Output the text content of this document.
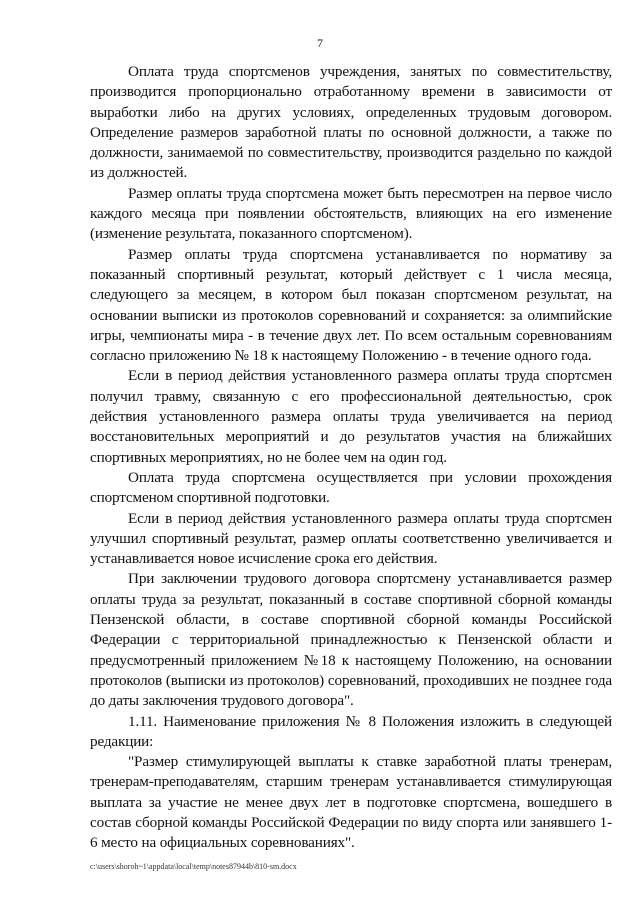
7

Оплата труда спортсменов учреждения, занятых по совместительству, производится пропорционально отработанному времени в зависимости от выработки либо на других условиях, определенных трудовым договором. Определение размеров заработной платы по основной должности, а также по должности, занимаемой по совместительству, производится раздельно по каждой из должностей.

Размер оплаты труда спортсмена может быть пересмотрен на первое число каждого месяца при появлении обстоятельств, влияющих на его изменение (изменение результата, показанного спортсменом).

Размер оплаты труда спортсмена устанавливается по нормативу за показанный спортивный результат, который действует с 1 числа месяца, следующего за месяцем, в котором был показан спортсменом результат, на основании выписки из протоколов соревнований и сохраняется: за олимпийские игры, чемпионаты мира - в течение двух лет. По всем остальным соревнованиям согласно приложению № 18 к настоящему Положению - в течение одного года.

Если в период действия установленного размера оплаты труда спортсмен получил травму, связанную с его профессиональной деятельностью, срок действия установленного размера оплаты труда увеличивается на период восстановительных мероприятий и до результатов участия на ближайших спортивных мероприятиях, но не более чем на один год.

Оплата труда спортсмена осуществляется при условии прохождения спортсменом спортивной подготовки.

Если в период действия установленного размера оплаты труда спортсмен улучшил спортивный результат, размер оплаты соответственно увеличивается и устанавливается новое исчисление срока его действия.

При заключении трудового договора спортсмену устанавливается размер оплаты труда за результат, показанный в составе спортивной сборной команды Пензенской области, в составе спортивной сборной команды Российской Федерации с территориальной принадлежностью к Пензенской области и предусмотренный приложением №18 к настоящему Положению, на основании протоколов (выписки из протоколов) соревнований, проходивших не позднее года до даты заключения трудового договора".

1.11. Наименование приложения № 8 Положения изложить в следующей редакции:

"Размер стимулирующей выплаты к ставке заработной платы тренерам, тренерам-преподавателям, старшим тренерам устанавливается стимулирующая выплата за участие не менее двух лет в подготовке спортсмена, вошедшего в состав сборной команды Российской Федерации по виду спорта или занявшего 1-6 место на официальных соревнованиях".

c:\users\shoroh~1\appdata\local\temp\notes87944b\810-sm.docx
